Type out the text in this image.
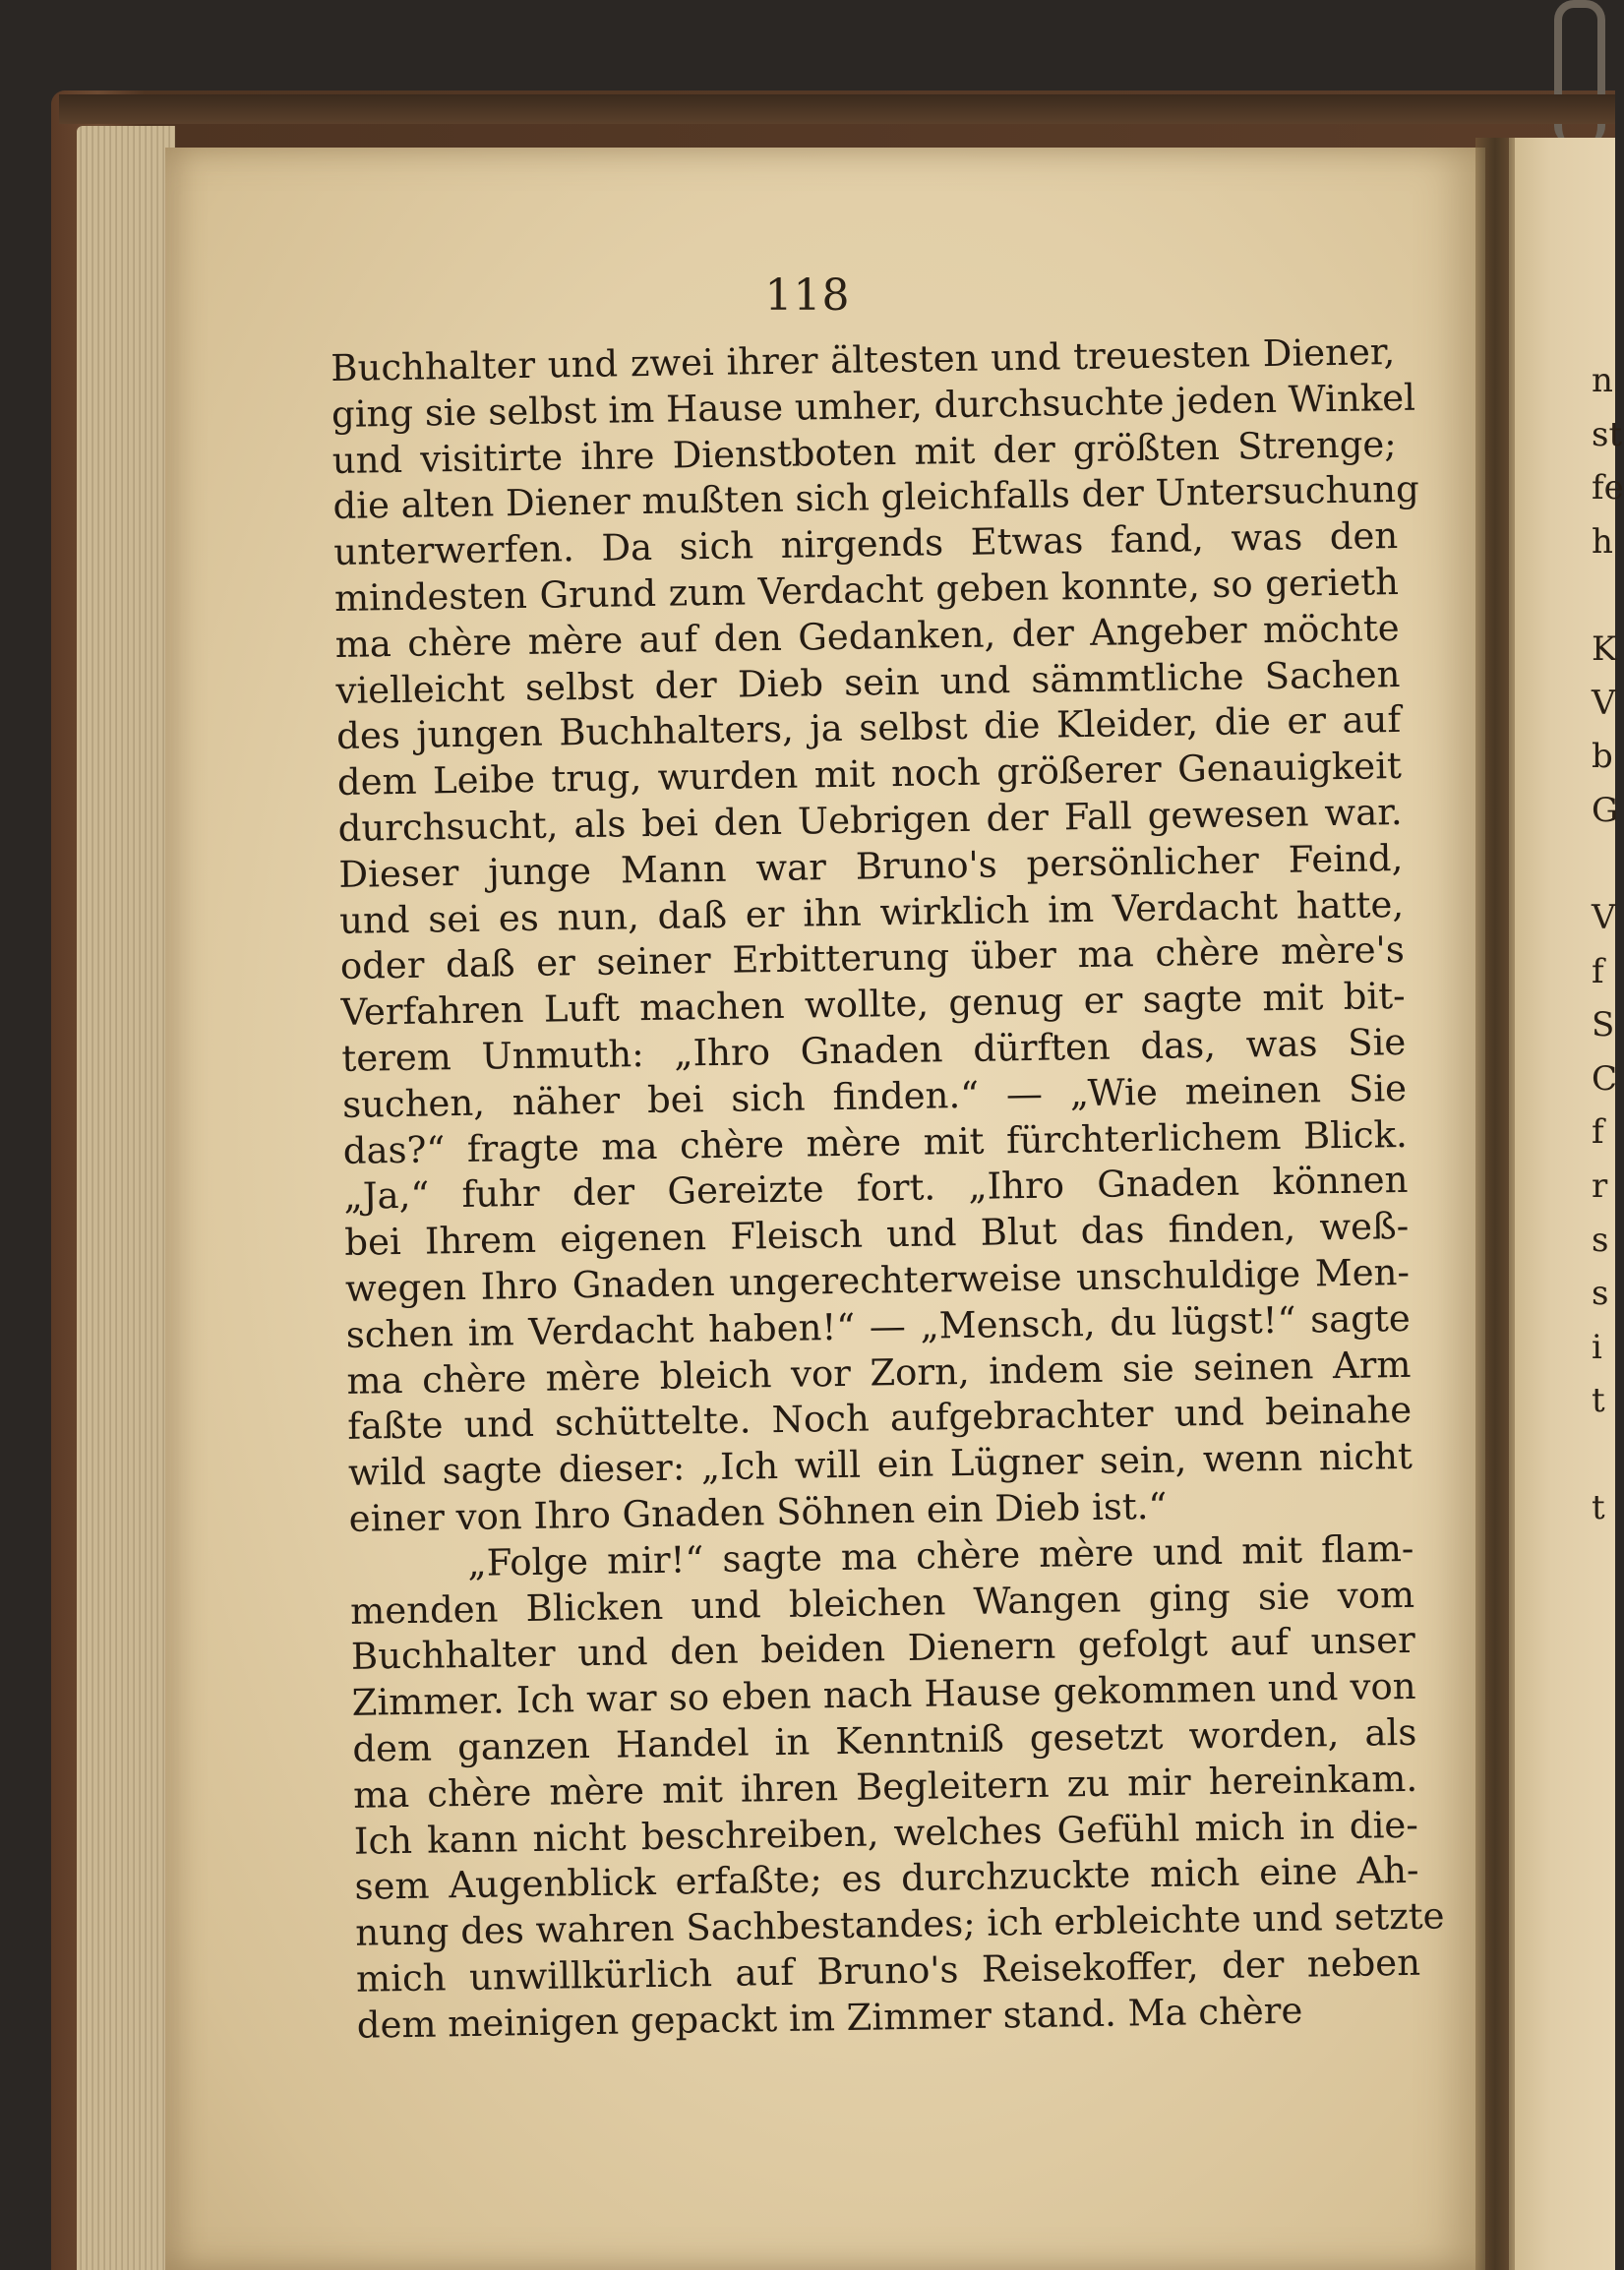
118
Buchhalter und zwei ihrer ältesten und treuesten Diener,
ging sie selbst im Hause umher, durchsuchte jeden Winkel
und visitirte ihre Dienstboten mit der größten Strenge;
die alten Diener mußten sich gleichfalls der Untersuchung
unterwerfen. Da sich nirgends Etwas fand, was den
mindesten Grund zum Verdacht geben konnte, so gerieth
ma chère mère auf den Gedanken, der Angeber möchte
vielleicht selbst der Dieb sein und sämmtliche Sachen
des jungen Buchhalters, ja selbst die Kleider, die er auf
dem Leibe trug, wurden mit noch größerer Genauigkeit
durchsucht, als bei den Uebrigen der Fall gewesen war.
Dieser junge Mann war Bruno's persönlicher Feind,
und sei es nun, daß er ihn wirklich im Verdacht hatte,
oder daß er seiner Erbitterung über ma chère mère's
Verfahren Luft machen wollte, genug er sagte mit bit-
terem Unmuth: „Ihro Gnaden dürften das, was Sie
suchen, näher bei sich finden.“ — „Wie meinen Sie
das?“ fragte ma chère mère mit fürchterlichem Blick.
„Ja,“ fuhr der Gereizte fort. „Ihro Gnaden können
bei Ihrem eigenen Fleisch und Blut das finden, weß-
wegen Ihro Gnaden ungerechterweise unschuldige Men-
schen im Verdacht haben!“ — „Mensch, du lügst!“ sagte
ma chère mère bleich vor Zorn, indem sie seinen Arm
faßte und schüttelte. Noch aufgebrachter und beinahe
wild sagte dieser: „Ich will ein Lügner sein, wenn nicht
einer von Ihro Gnaden Söhnen ein Dieb ist.“
„Folge mir!“ sagte ma chère mère und mit flam-
menden Blicken und bleichen Wangen ging sie vom
Buchhalter und den beiden Dienern gefolgt auf unser
Zimmer. Ich war so eben nach Hause gekommen und von
dem ganzen Handel in Kenntniß gesetzt worden, als
ma chère mère mit ihren Begleitern zu mir hereinkam.
Ich kann nicht beschreiben, welches Gefühl mich in die-
sem Augenblick erfaßte; es durchzuckte mich eine Ah-
nung des wahren Sachbestandes; ich erbleichte und setzte
mich unwillkürlich auf Bruno's Reisekoffer, der neben
dem meinigen gepackt im Zimmer stand. Ma chère
n
st
fe
h
K
V
b
G
V
f
S
C
f
r
s
s
i
t
t
